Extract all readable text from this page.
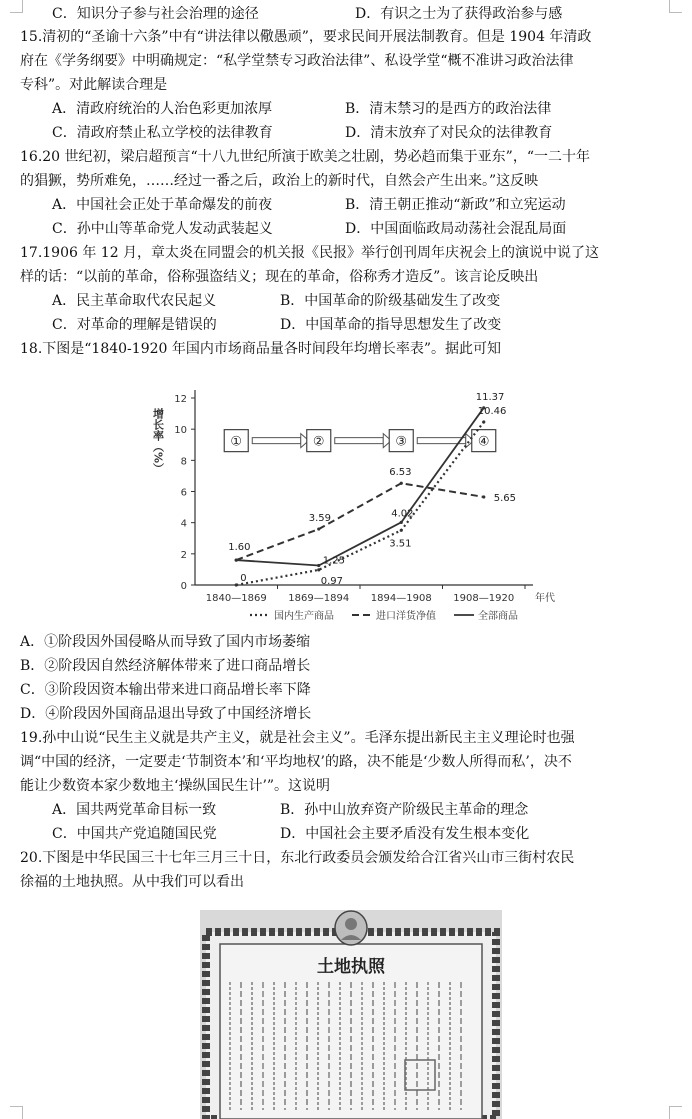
C．知识分子参与社会治理的途径	D．有识之士为了获得政治参与感
15.清初的“圣谕十六条”中有“讲法律以儆愚顽”，要求民间开展法制教育。但是 1904 年清政
府在《学务纲要》中明确规定：“私学堂禁专习政治法律”、私设学堂“概不准讲习政治法律
专科”。对此解读合理是
A．清政府统治的人治色彩更加浓厚	B．清末禁习的是西方的政治法律
C．清政府禁止私立学校的法律教育	D．清末放弃了对民众的法律教育
16.20 世纪初，梁启超预言“十八九世纪所演于欧美之壮剧，势必趋而集于亚东”，“一二十年
的猖獗，势所难免，……经过一番之后，政治上的新时代，自然会产生出来。”这反映
A．中国社会正处于革命爆发的前夜	B．清王朝正推动“新政”和立宪运动
C．孙中山等革命党人发动武装起义	D．中国面临政局动荡社会混乱局面
17.1906 年 12 月，章太炎在同盟会的机关报《民报》举行创刊周年庆祝会上的演说中说了这
样的话：“以前的革命，俗称强盗结义；现在的革命，俗称秀才造反”。该言论反映出
A．民主革命取代农民起义	B．中国革命的阶级基础发生了改变
C．对革命的理解是错误的	D．中国革命的指导思想发生了改变
18.下图是“1840-1920 年国内市场商品量各时间段年均增长率表”。据此可知
0
2
4
6
8
10
12
增长率（%）
1840—1869 1869—1894 1894—1908 1908—1920 年代
国内生产商品	进口洋货净值	全部商品
①	②	③	④
0	0.97
3.51
10.46
1.60
3.59
6.53
5.65
1.25
4.02
11.37
A．①阶段因外国侵略从而导致了国内市场萎缩
B．②阶段因自然经济解体带来了进口商品增长
C．③阶段因资本输出带来进口商品增长率下降
D．④阶段因外国商品退出导致了中国经济增长
19.孙中山说“民生主义就是共产主义，就是社会主义”。毛泽东提出新民主主义理论时也强
调“中国的经济，一定要走‘节制资本’和‘平均地权’的路，决不能是‘少数人所得而私’，决不
能让少数资本家少数地主‘操纵国民生计’”。这说明
A．国共两党革命目标一致	B．孙中山放弃资产阶级民主革命的理念
C．中国共产党追随国民党	D．中国社会主要矛盾没有发生根本变化
20.下图是中华民国三十七年三月三十日，东北行政委员会颁发给合江省兴山市三街村农民
徐福的土地执照。从中我们可以看出
土地执照
